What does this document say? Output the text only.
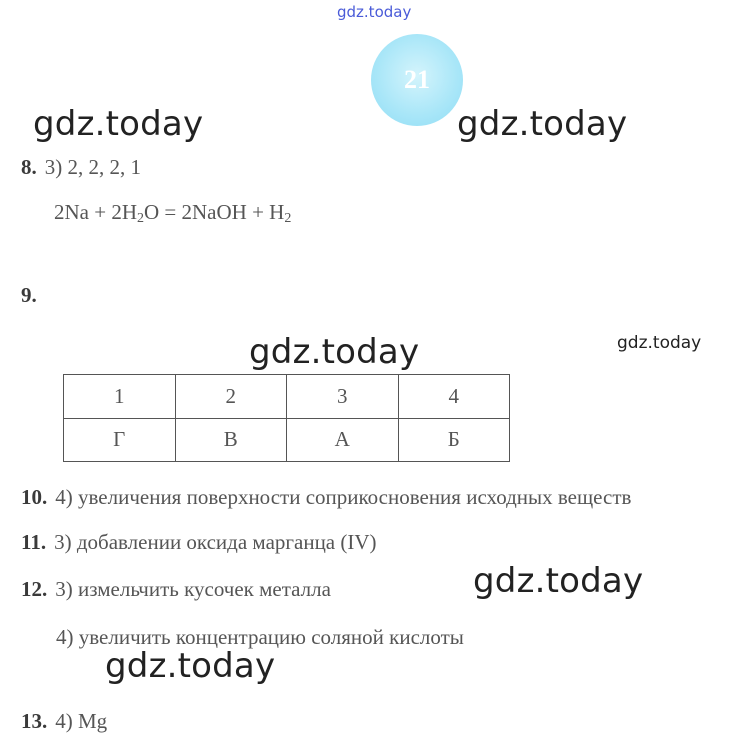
gdz.today
gdz.today	gdz.today
gdz.today	gdz.today
gdz.today
gdz.today
21
8. 3) 2, 2, 2, 1
$2Na + 2H_2O$ = 2NaOH + $H_2$
9.
1	2	3	4
Г	В	А	Б
10. 4) увеличения поверхности соприкосновения исходных веществ
11. 3) добавлении оксида марганца (IV)
12. 3) измельчить кусочек металла
4) увеличить концентрацию соляной кислоты
13. 4) Mg
